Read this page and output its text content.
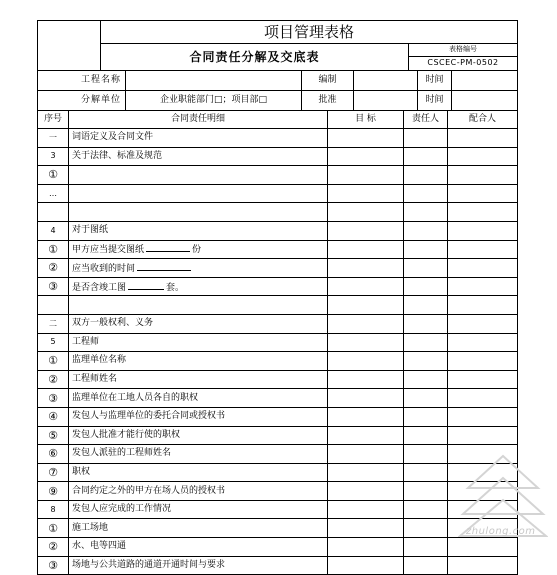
	项目管理表格	
	合同责任分解及交底表	表格编号
		CSCEC-PM-0502
工程名称		编制		时间	
分解单位	企业职能部门□；项目部□	批准		时间	
序号	合同责任明细	目 标	责任人	配合人
一	词语定义及合同文件			
3	关于法律、标准及规范			
①				
…				

4	对于图纸			
①	甲方应当提交图纸 份			
②	应当收到的时间			
③	是否含竣工图 套。			

二	双方一般权利、义务			
5	工程师			
①	监理单位名称			
②	工程师姓名			
③	监理单位在工地人员各自的职权			
④	发包人与监理单位的委托合同或授权书			
⑤	发包人批准才能行使的职权			
⑥	发包人派驻的工程师姓名			
⑦	职权			
⑨	合同约定之外的甲方在场人员的授权书			
8	发包人应完成的工作情况			
①	施工场地			
②	水、电等四通			
③	场地与公共道路的通道开通时间与要求			
zhulong.com
